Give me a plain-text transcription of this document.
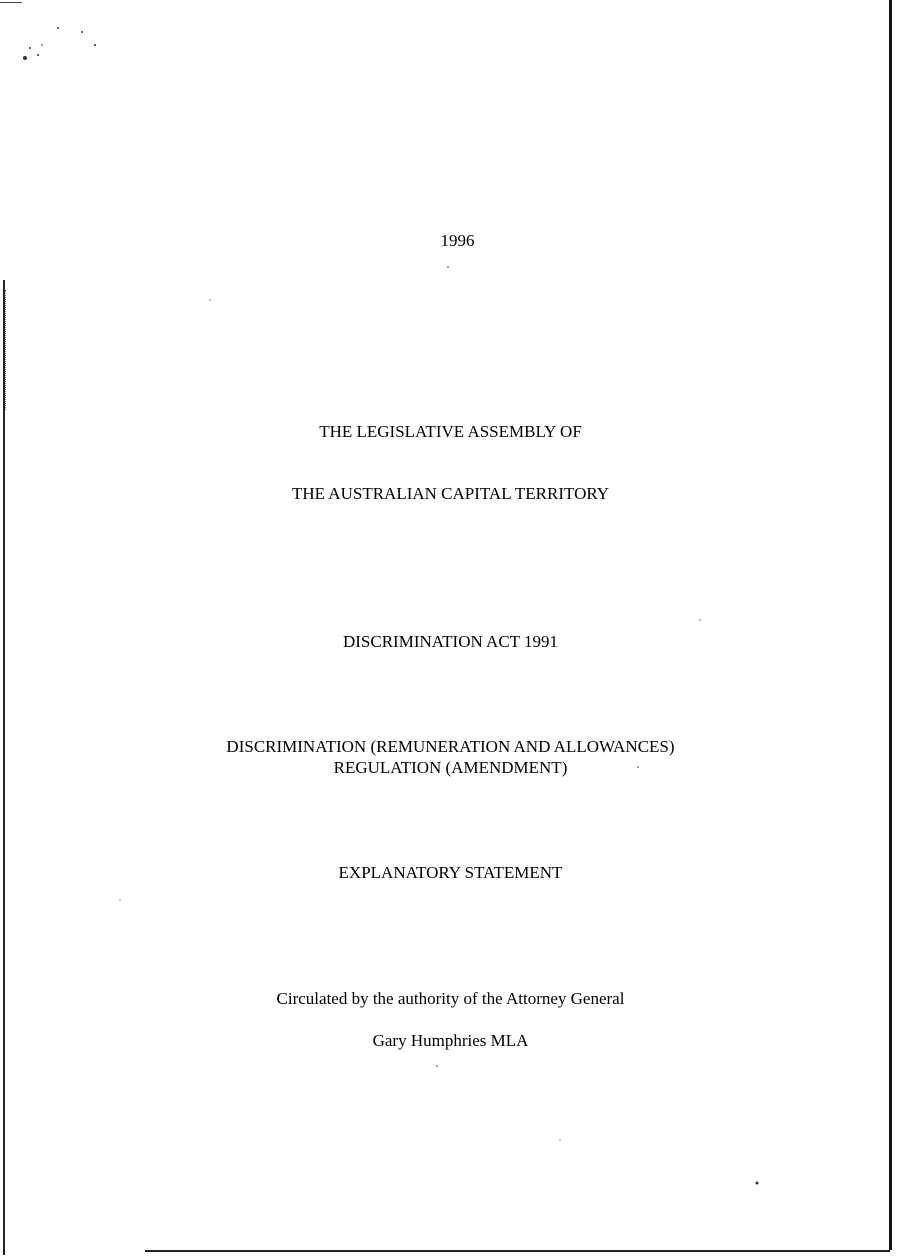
1996
THE LEGISLATIVE ASSEMBLY OF
THE AUSTRALIAN CAPITAL TERRITORY
DISCRIMINATION ACT 1991
DISCRIMINATION (REMUNERATION AND ALLOWANCES)
REGULATION (AMENDMENT)
EXPLANATORY STATEMENT
Circulated by the authority of the Attorney General
Gary Humphries MLA
